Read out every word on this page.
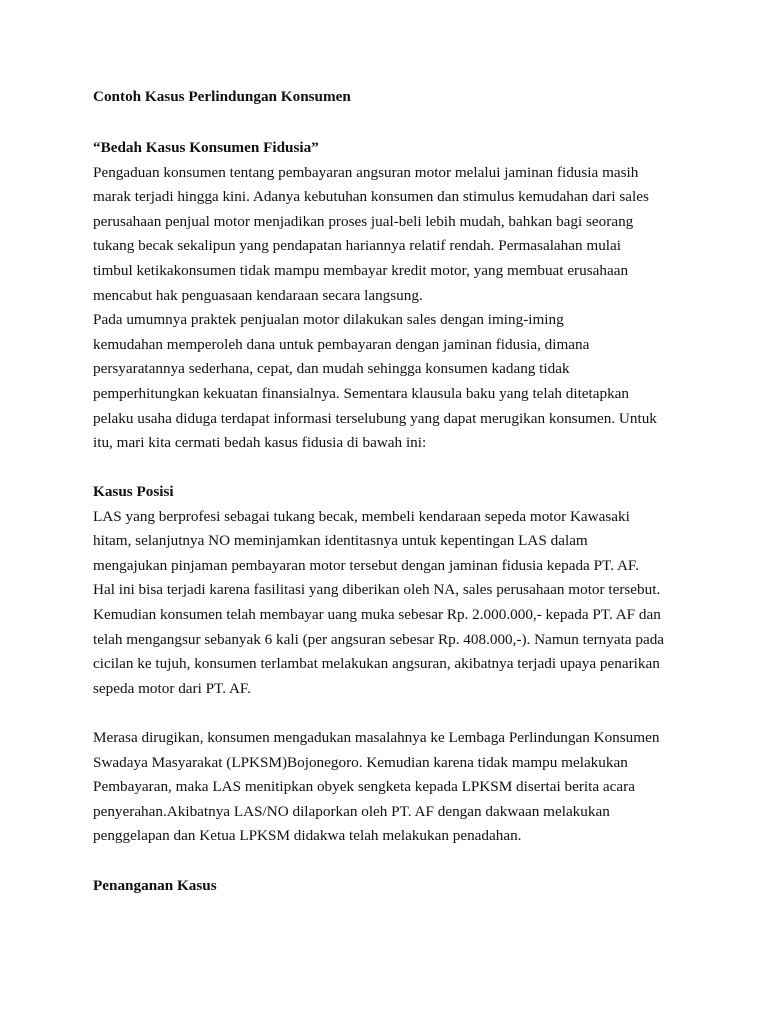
Contoh Kasus Perlindungan Konsumen
“Bedah Kasus Konsumen Fidusia”
Pengaduan konsumen tentang pembayaran angsuran motor melalui jaminan fidusia masih
marak terjadi hingga kini. Adanya kebutuhan konsumen dan stimulus kemudahan dari sales
perusahaan penjual motor menjadikan proses jual-beli lebih mudah, bahkan bagi seorang
tukang becak sekalipun yang pendapatan hariannya relatif rendah. Permasalahan mulai
timbul ketikakonsumen tidak mampu membayar kredit motor, yang membuat erusahaan
mencabut hak penguasaan kendaraan secara langsung.
Pada umumnya praktek penjualan motor dilakukan sales dengan iming-iming
kemudahan memperoleh dana untuk pembayaran dengan jaminan fidusia, dimana
persyaratannya sederhana, cepat, dan mudah sehingga konsumen kadang tidak
pemperhitungkan kekuatan finansialnya. Sementara klausula baku yang telah ditetapkan
pelaku usaha diduga terdapat informasi terselubung yang dapat merugikan konsumen. Untuk
itu, mari kita cermati bedah kasus fidusia di bawah ini:
Kasus Posisi
LAS yang berprofesi sebagai tukang becak, membeli kendaraan sepeda motor Kawasaki
hitam, selanjutnya NO meminjamkan identitasnya untuk kepentingan LAS dalam
mengajukan pinjaman pembayaran motor tersebut dengan jaminan fidusia kepada PT. AF.
Hal ini bisa terjadi karena fasilitasi yang diberikan oleh NA, sales perusahaan motor tersebut.
Kemudian konsumen telah membayar uang muka sebesar Rp. 2.000.000,- kepada PT. AF dan
telah mengangsur sebanyak 6 kali (per angsuran sebesar Rp. 408.000,-). Namun ternyata pada
cicilan ke tujuh, konsumen terlambat melakukan angsuran, akibatnya terjadi upaya penarikan
sepeda motor dari PT. AF.
Merasa dirugikan, konsumen mengadukan masalahnya ke Lembaga Perlindungan Konsumen
Swadaya Masyarakat (LPKSM)Bojonegoro. Kemudian karena tidak mampu melakukan
Pembayaran, maka LAS menitipkan obyek sengketa kepada LPKSM disertai berita acara
penyerahan.Akibatnya LAS/NO dilaporkan oleh PT. AF dengan dakwaan melakukan
penggelapan dan Ketua LPKSM didakwa telah melakukan penadahan.
Penanganan Kasus
